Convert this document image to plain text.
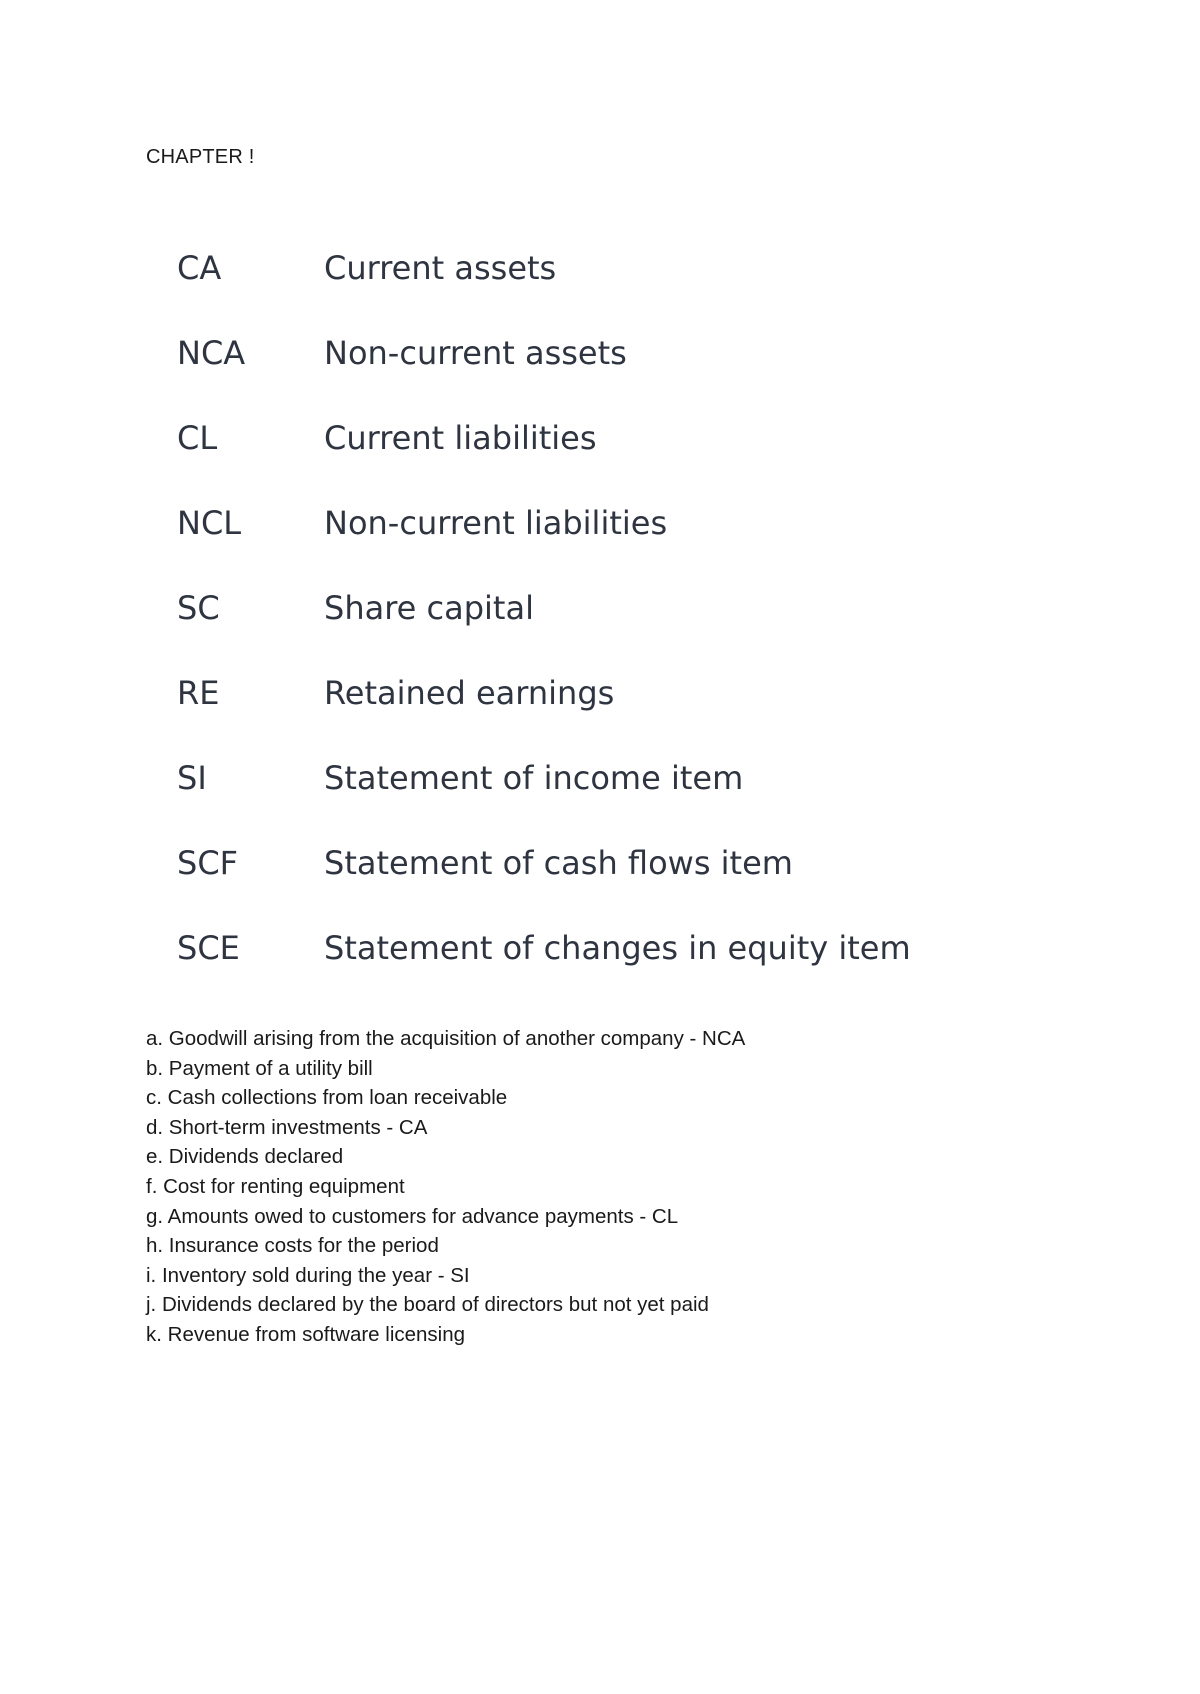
CHAPTER !
CA	Current assets
NCA	Non-current assets
CL	Current liabilities
NCL	Non-current liabilities
SC	Share capital
RE	Retained earnings
SI	Statement of income item
SCF	Statement of cash flows item
SCE	Statement of changes in equity item
a. Goodwill arising from the acquisition of another company - NCA
b. Payment of a utility bill
c. Cash collections from loan receivable
d. Short-term investments - CA
e. Dividends declared
f. Cost for renting equipment
g. Amounts owed to customers for advance payments - CL
h. Insurance costs for the period
i. Inventory sold during the year - SI
j. Dividends declared by the board of directors but not yet paid
k. Revenue from software licensing
